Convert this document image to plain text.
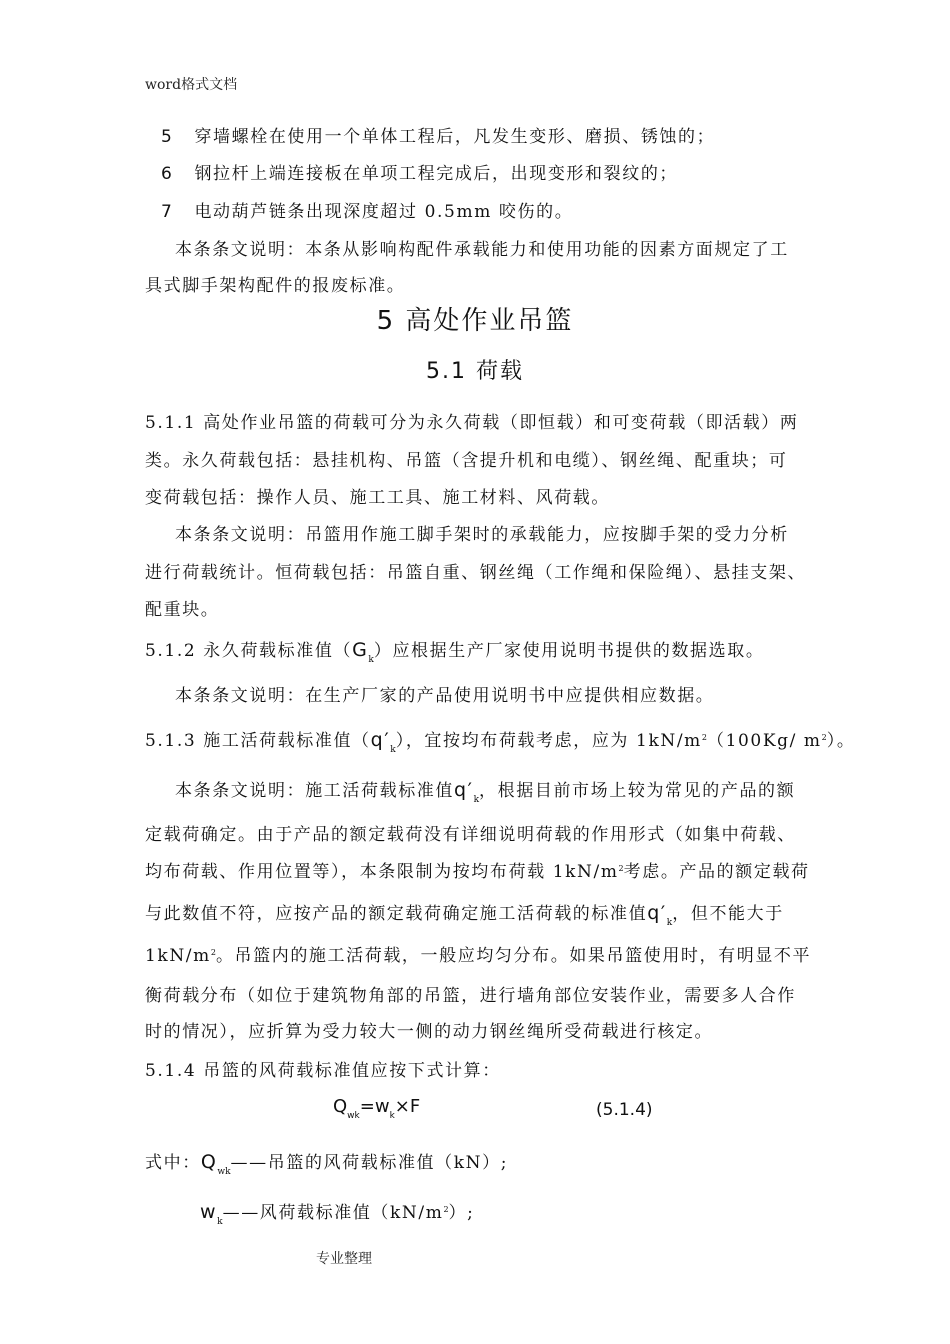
word格式文档
5 穿墙螺栓在使用一个单体工程后，凡发生变形、磨损、锈蚀的；
6 钢拉杆上端连接板在单项工程完成后，出现变形和裂纹的；
7 电动葫芦链条出现深度超过 0.5mm 咬伤的。
本条条文说明：本条从影响构配件承载能力和使用功能的因素方面规定了工
具式脚手架构配件的报废标准。
5 高处作业吊篮
5.1 荷载
5.1.1 高处作业吊篮的荷载可分为永久荷载（即恒载）和可变荷载（即活载）两
类。永久荷载包括：悬挂机构、吊篮（含提升机和电缆）、钢丝绳、配重块；可
变荷载包括：操作人员、施工工具、施工材料、风荷载。
本条条文说明：吊篮用作施工脚手架时的承载能力，应按脚手架的受力分析
进行荷载统计。恒荷载包括：吊篮自重、钢丝绳（工作绳和保险绳）、悬挂支架、
配重块。
5.1.2 永久荷载标准值$(G_k)$应根据生产厂家使用说明书提供的数据选取。
本条条文说明：在生产厂家的产品使用说明书中应提供相应数据。
5.1.3 施工活荷载标准值$(q'_k)$，宜按均布荷载考虑，应为 $1kN/m^2(100Kg/$ $m^2$）。
本条条文说明：施工活荷载标准值$q'_k$，根据目前市场上较为常见的产品的额
定载荷确定。由于产品的额定载荷没有详细说明荷载的作用形式（如集中荷载、
均布荷载、作用位置等），本条限制为按均布荷载 $1kN/m^2$考虑。产品的额定载荷
与此数值不符，应按产品的额定载荷确定施工活荷载的标准值$q'_k$，但不能大于
$1kN/m^2$。吊篮内的施工活荷载，一般应均匀分布。如果吊篮使用时，有明显不平
衡荷载分布（如位于建筑物角部的吊篮，进行墙角部位安装作业，需要多人合作
时的情况），应折算为受力较大一侧的动力钢丝绳所受荷载进行核定。
5.1.4 吊篮的风荷载标准值应按下式计算：
$Q_{wk}=w_k\times F$	(5.1.4)
式中：$Q_{wk}——$吊篮的风荷载标准值（kN）;
$w_k——$风荷载标准值$(kN/m^2)$;
专业整理
